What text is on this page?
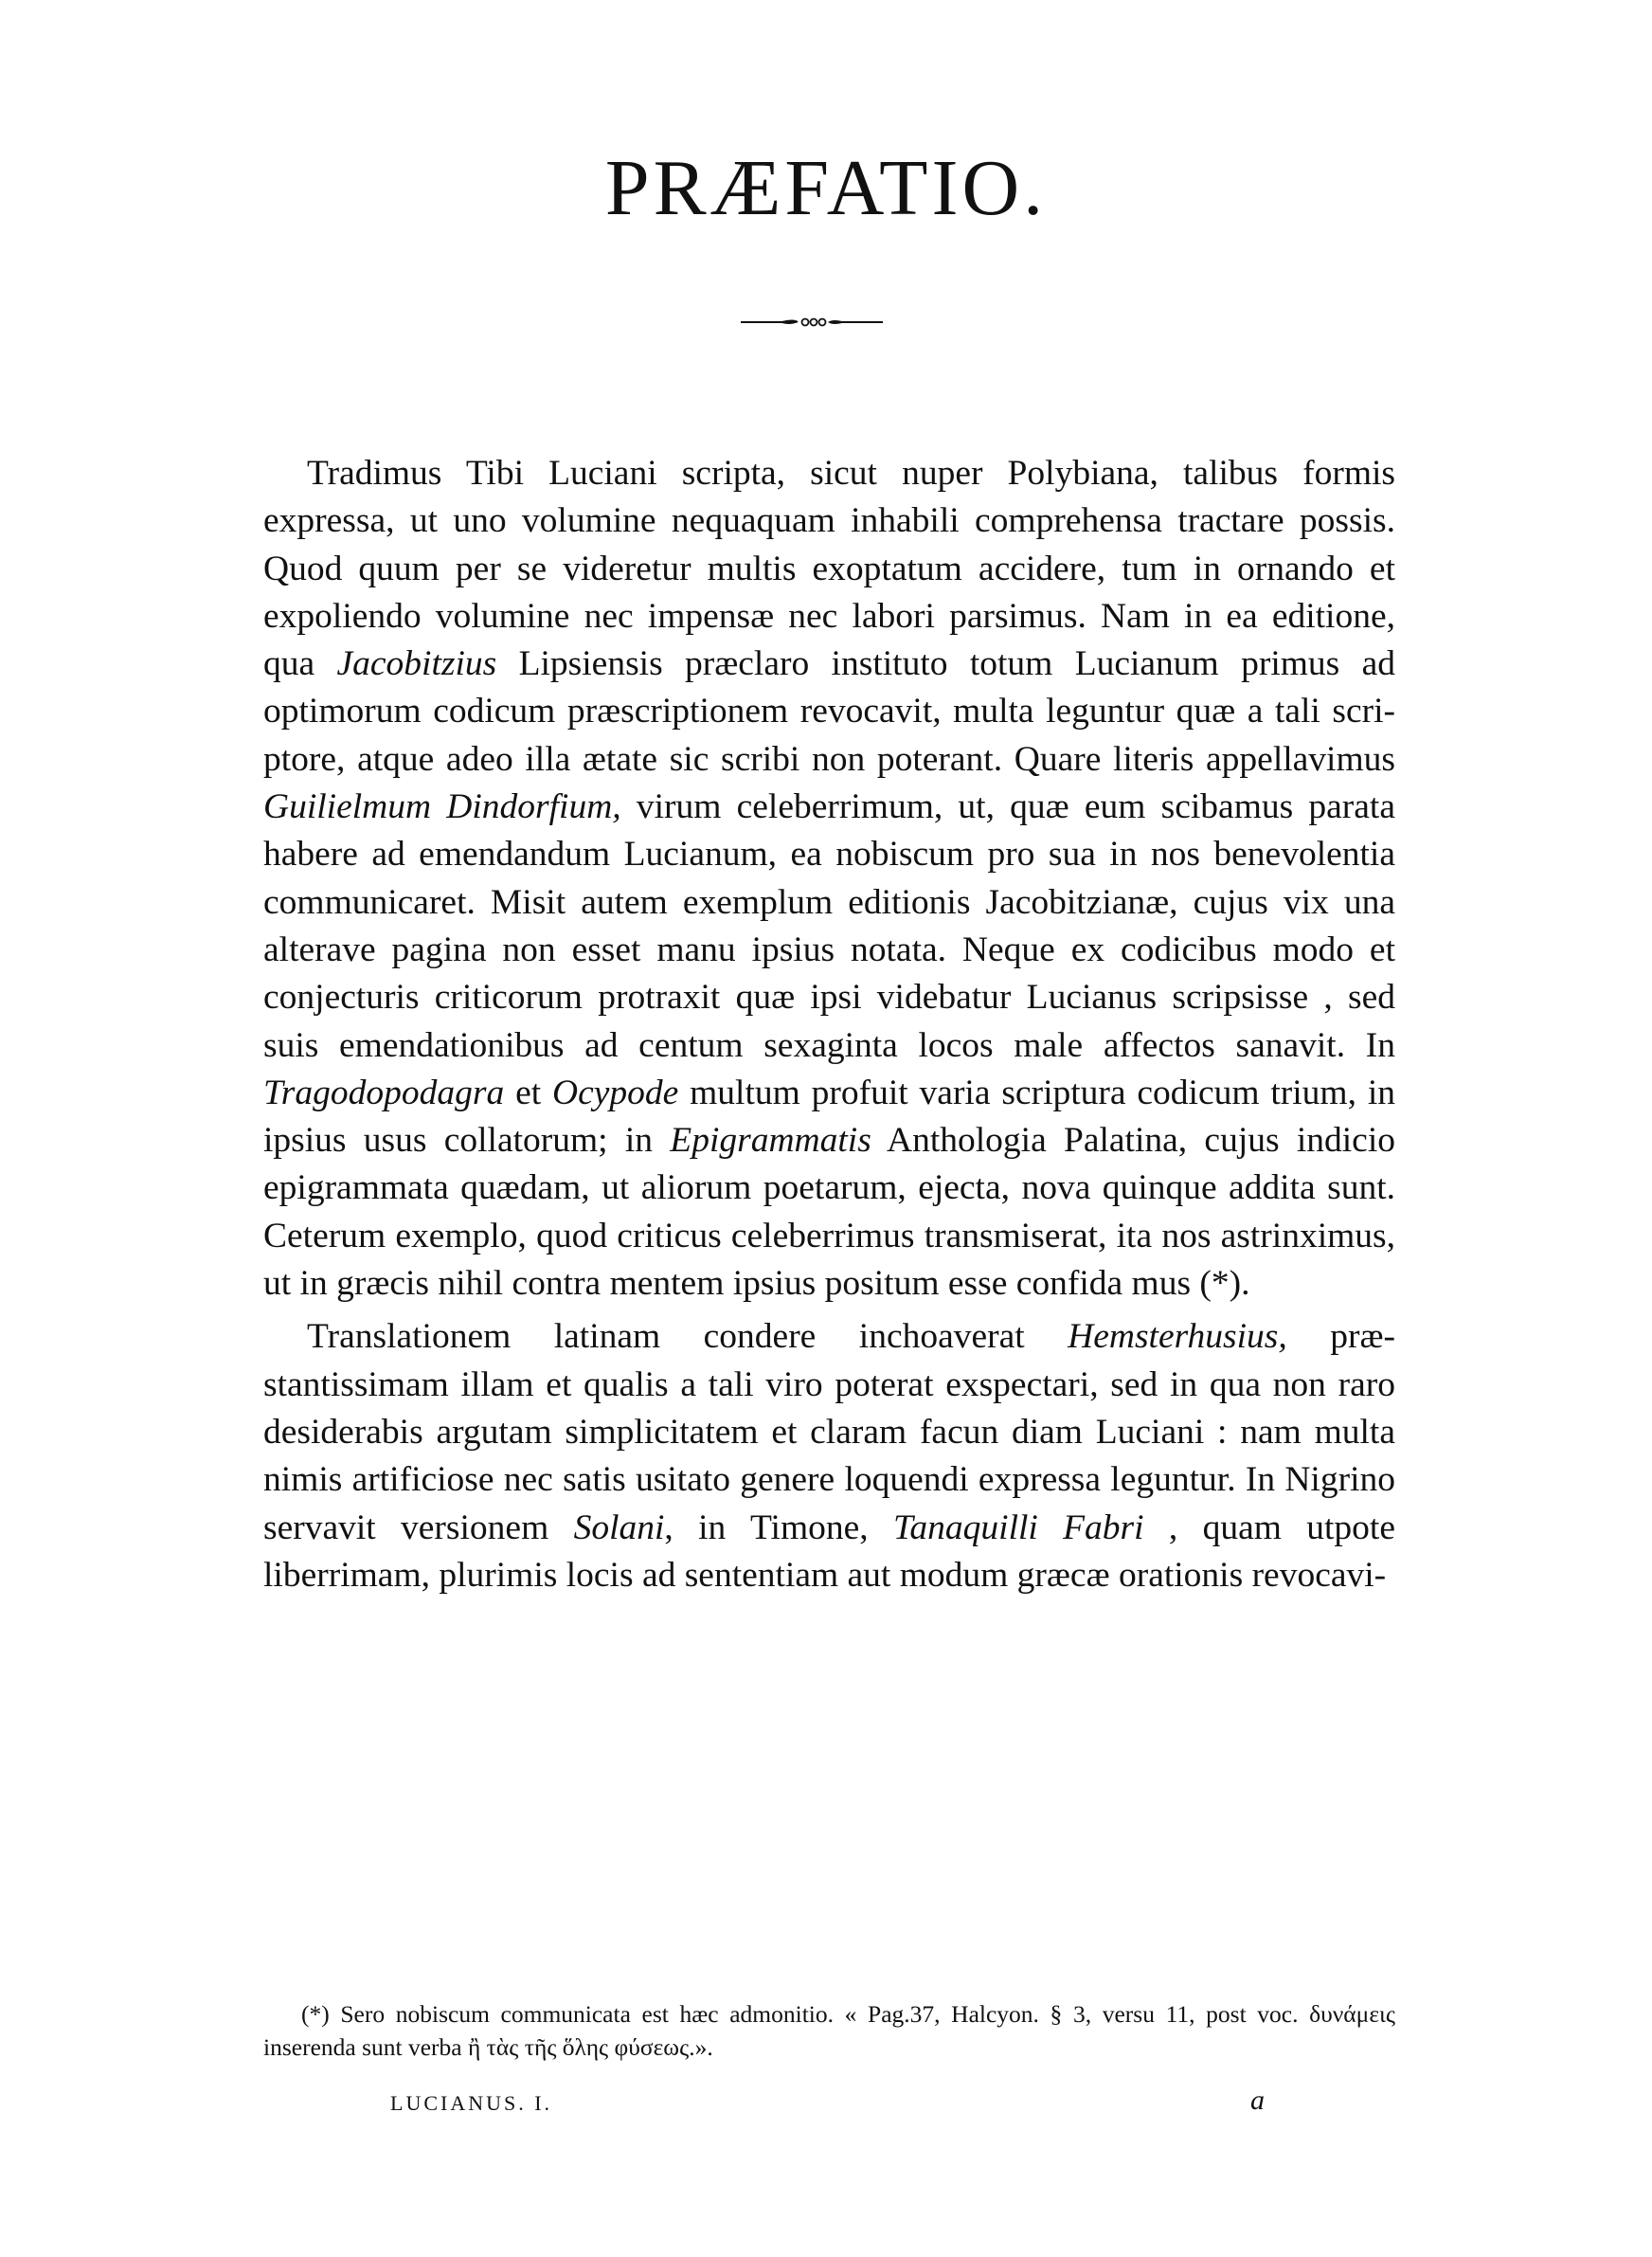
PRÆFATIO.

Tradimus Tibi Luciani scripta, sicut nuper Polybiana, talibus formis expressa, ut uno volumine nequaquam inhabili comprehensa tractare possis. Quod quum per se videretur multis exoptatum accidere, tum in ornando et expoliendo volumine nec impensæ nec labori parsimus. Nam in ea editione, qua Jacobitzius Lipsiensis præclaro instituto totum Lucianum primus ad optimorum codicum præscriptionem revocavit, multa leguntur quæ a tali scriptore, atque adeo illa ætate sic scribi non poterant. Quare literis appellavimus Guilielmum Dindorfium, virum celeberrimum, ut, quæ eum scibamus parata habere ad emendandum Lucianum, ea nobiscum pro sua in nos benevolentia communicaret. Misit autem exemplum editionis Jacobitzianæ, cujus vix una alterave pagina non esset manu ipsius notata. Neque ex codicibus modo et conjecturis criticorum protraxit quæ ipsi videbatur Lucianus scripsisse , sed suis emendationibus ad centum sexaginta locos male affectos sanavit. In Tragodopodagra et Ocypode multum profuit varia scriptura codicum trium, in ipsius usus collatorum; in Epigrammatis Anthologia Palatina, cujus indicio epigrammata quædam, ut aliorum poetarum, ejecta, nova quinque addita sunt. Ceterum exemplo, quod criticus celeberrimus transmiserat, ita nos astrinximus, ut in græcis nihil contra mentem ipsius positum esse confida mus (*).

Translationem latinam condere inchoaverat Hemsterhusius, præstantissimam illam et qualis a tali viro poterat exspectari, sed in qua non raro desiderabis argutam simplicitatem et claram facun diam Luciani : nam multa nimis artificiose nec satis usitato genere loquendi expressa leguntur. In Nigrino servavit versionem Solani, in Timone, Tanaquilli Fabri , quam utpote liberrimam, plurimis locis ad sententiam aut modum græcæ orationis revocavi-

(*) Sero nobiscum communicata est hæc admonitio. « Pag.37, Halcyon. § 3, versu 11, post voc. δυνάμεις inserenda sunt verba ἢ τὰς τῆς ὅλης φύσεως.».

LUCIANUS. I.	a
